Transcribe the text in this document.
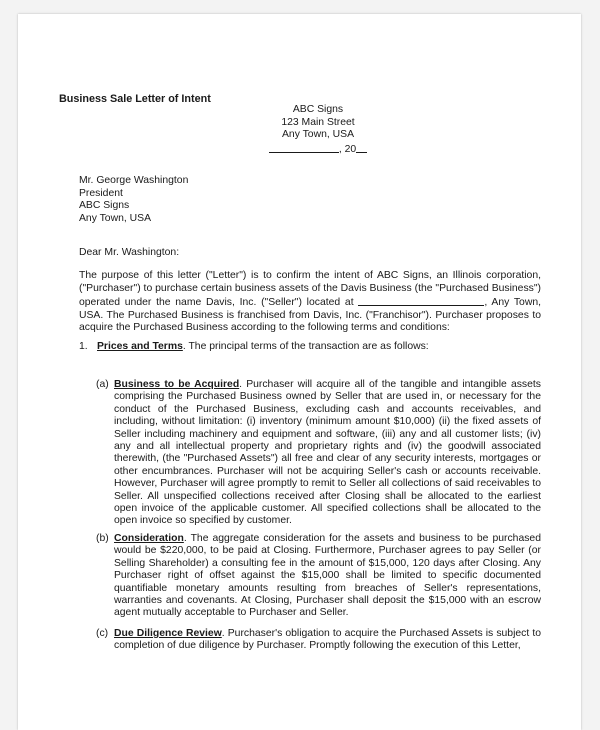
Business Sale Letter of Intent
ABC Signs
123 Main Street
Any Town, USA
, 20
Mr. George Washington
President
ABC Signs
Any Town, USA
Dear Mr. Washington:
The purpose of this letter ("Letter") is to confirm the intent of ABC Signs, an Illinois corporation, ("Purchaser") to purchase certain business assets of the Davis Business (the "Purchased Business") operated under the name Davis, Inc. ("Seller") located at	, Any Town, USA. The Purchased Business is franchised from Davis, Inc. ("Franchisor"). Purchaser proposes to acquire the Purchased Business according to the following terms and conditions:
1. Prices and Terms. The principal terms of the transaction are as follows:
(a) Business to be Acquired. Purchaser will acquire all of the tangible and intangible assets comprising the Purchased Business owned by Seller that are used in, or necessary for the conduct of the Purchased Business, excluding cash and accounts receivables, and including, without limitation: (i) inventory (minimum amount $10,000) (ii) the fixed assets of Seller including machinery and equipment and software, (iii) any and all customer lists; (iv) any and all intellectual property and proprietary rights and (iv) the goodwill associated therewith, (the "Purchased Assets") all free and clear of any security interests, mortgages or other encumbrances. Purchaser will not be acquiring Seller's cash or accounts receivable. However, Purchaser will agree promptly to remit to Seller all collections of said receivables to Seller. All unspecified collections received after Closing shall be allocated to the earliest open invoice of the applicable customer. All specified collections shall be allocated to the open invoice so specified by customer.
(b) Consideration. The aggregate consideration for the assets and business to be purchased would be $220,000, to be paid at Closing. Furthermore, Purchaser agrees to pay Seller (or Selling Shareholder) a consulting fee in the amount of $15,000, 120 days after Closing. Any Purchaser right of offset against the $15,000 shall be limited to specific documented quantifiable monetary amounts resulting from breaches of Seller's representations, warranties and covenants. At Closing, Purchaser shall deposit the $15,000 with an escrow agent mutually acceptable to Purchaser and Seller.
(c) Due Diligence Review. Purchaser's obligation to acquire the Purchased Assets is subject to completion of due diligence by Purchaser. Promptly following the execution of this Letter,
